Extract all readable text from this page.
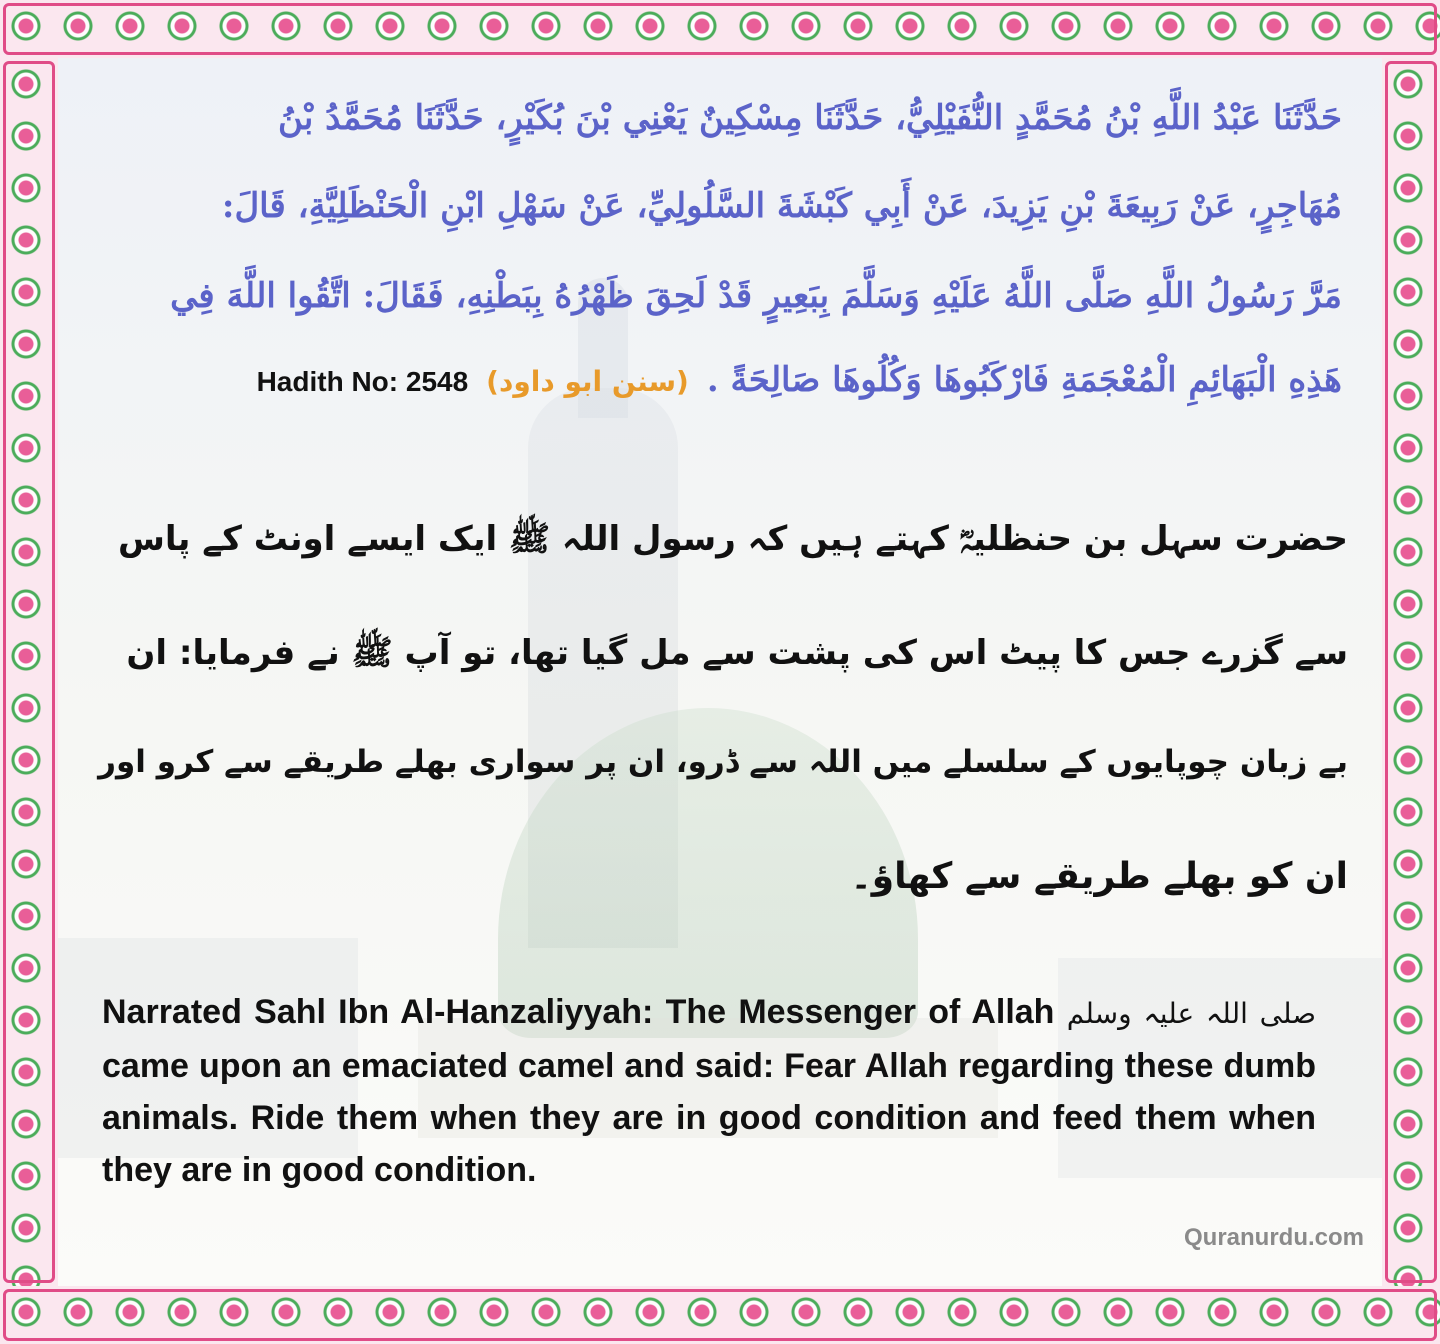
حَدَّثَنَا عَبْدُ اللَّهِ بْنُ مُحَمَّدٍ النُّفَيْلِيُّ، حَدَّثَنَا مِسْكِينٌ يَعْنِي بْنَ بُكَيْرٍ، حَدَّثَنَا مُحَمَّدُ بْنُ
مُهَاجِرٍ، عَنْ رَبِيعَةَ بْنِ يَزِيدَ، عَنْ أَبِي كَبْشَةَ السَّلُولِيِّ، عَنْ سَهْلِ ابْنِ الْحَنْظَلِيَّةِ، قَالَ:
مَرَّ رَسُولُ اللَّهِ صَلَّى اللَّهُ عَلَيْهِ وَسَلَّمَ بِبَعِيرٍ قَدْ لَحِقَ ظَهْرُهُ بِبَطْنِهِ، فَقَالَ: اتَّقُوا اللَّهَ فِي
هَذِهِ الْبَهَائِمِ الْمُعْجَمَةِ فَارْكَبُوهَا وَكُلُوهَا صَالِحَةً .
(سنن ابو داود)
Hadith No: 2548
حضرت سہل بن حنظلیہؓ کہتے ہیں کہ رسول اللہ ﷺ ایک ایسے اونٹ کے پاس
سے گزرے جس کا پیٹ اس کی پشت سے مل گیا تھا، تو آپ ﷺ نے فرمایا: ان
بے زبان چوپایوں کے سلسلے میں اللہ سے ڈرو، ان پر سواری بھلے طریقے سے کرو اور
ان کو بھلے طریقے سے کھاؤ۔

Narrated Sahl Ibn Al-Hanzaliyyah: The Messenger of Allah صلی اللہ علیہ وسلم came upon an emaciated camel and said: Fear Allah regarding these dumb animals. Ride them when they are in good condition and feed them when they are in good condition.

Quranurdu.com
